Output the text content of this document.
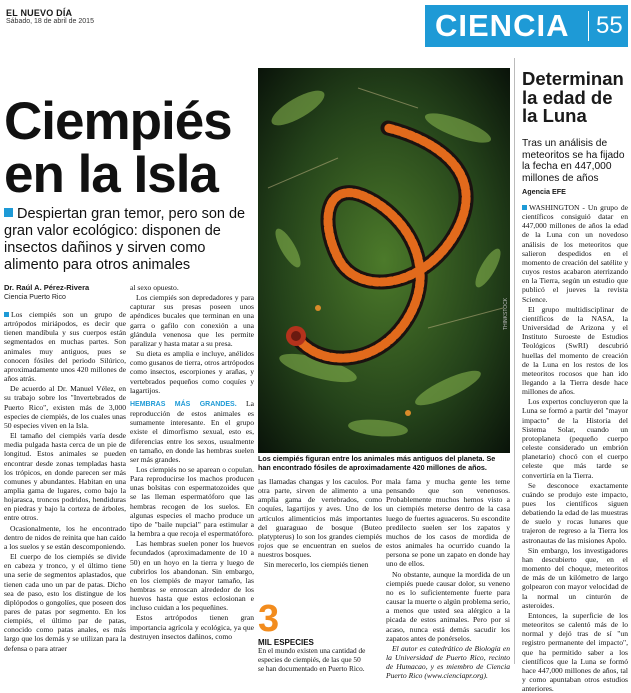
EL NUEVO DÍA
Sábado, 18 de abril de 2015	CIENCIA 55
Ciempiés
en la Isla
Despiertan gran temor, pero son de gran valor ecológico: disponen de insectos dañinos y sirven como alimento para otros animales
Dr. Raúl A. Pérez-Rivera
Ciencia Puerto Rico

Los ciempiés son un grupo de artrópodos miriápodos, es decir que tienen mandíbula y sus cuerpos están segmentados en muchas partes. Son animales muy antiguos, pues se conocen fósiles del periodo Silúrico, aproximadamente unos 420 millones de años atrás.

De acuerdo al Dr. Manuel Vélez, en su trabajo sobre los "Invertebrados de Puerto Rico", existen más de 3,000 especies de ciempiés, de los cuales unas 50 especies viven en la Isla.

El tamaño del ciempiés varía desde media pulgada hasta cerca de un pie de longitud. Estos animales se pueden encontrar desde zonas templadas hasta los trópicos, en donde parecen ser más comunes y abundantes. Habitan en una amplia gama de lugares, como bajo la hojarasca, troncos podridos, hendiduras en piedras y bajo la corteza de árboles, entre otros.

Ocasionalmente, los he encontrado dentro de nidos de reinita que han caído a los suelos y se están descomponiendo.

El cuerpo de los ciempiés se divide en cabeza y tronco, y el último tiene una serie de segmentos aplastados, que tienen cada uno un par de patas. Dicho sea de paso, esto los distingue de los diplópodos o gongolíes, que poseen dos pares de patas por segmento. En los ciempiés, el último par de patas, conocido como patas anales, es más largo que los demás y se utilizan para la defensa o para atraer

al sexo opuesto.

Los ciempiés son depredadores y para capturar sus presas poseen unos apéndices bucales que terminan en una garra o gafilo con conexión a una glándula venenosa que les permite paralizar y hasta matar a su presa.

Su dieta es amplia e incluye, anélidos como gusanos de tierra, otros artrópodos como insectos, escorpiones y arañas, y vertebrados pequeños como coquíes y lagartijos.

HEMBRAS MÁS GRANDES. La reproducción de estos animales es sumamente interesante. En el grupo existe el dimorfismo sexual, esto es, diferencias entre los sexos, usualmente en tamaño, en donde las hembras suelen ser más grandes.

Los ciempiés no se aparean o copulan. Para reproducirse los machos producen unas bolsitas con espermatozoides que se las lleman espermatóforo que las hembras recogen de los suelos. En algunas especies el macho produce un tipo de "baile nupcial" para estimular a la hembra a que recoja el espermatóforo.

Las hembras suelen poner los huevos fecundados (aproximadamente de 10 a 50) en un hoyo en la tierra y luego de cubrirlos los abandonan. Sin embargo, en los ciempiés de mayor tamaño, las hembras se enroscan alrededor de los huevos hasta que estos eclosionan e incluso cuidan a los pequeñines.

Estos artrópodos tienen gran importancia agrícola y ecológica, ya que destruyen insectos dañinos, como

THINKSTOCK
Los ciempiés figuran entre los animales más antiguos del planeta. Se han encontrado fósiles de aproximadamente 420 millones de años.

las llamadas changas y los caculos. Por otra parte, sirven de alimento a una amplia gama de vertebrados, como coquíes, lagartijos y aves. Uno de los artículos alimenticios más importantes del guaraguao de bosque (Buteo platypterus) lo son los grandes ciempiés rojos que se encuentran en suelos de nuestros bosques.

Sin merecerlo, los ciempiés tienen

3
MIL ESPECIES
En el mundo existen una cantidad de especies de ciempiés, de las que 50 se han documentado en Puerto Rico.

mala fama y mucha gente les teme pensando que son venenosos. Probablemente muchos hemos visto a un ciempiés meterse dentro de la casa luego de fuertes aguaceros. Su escondite predilecto suelen ser los zapatos y muchos de los casos de mordida de estos animales ha ocurrido cuando la persona se pone un zapato en donde hay uno de ellos.

No obstante, aunque la mordida de un ciempiés puede causar dolor, su veneno no es lo suficientemente fuerte para causar la muerte o algún problema serio, a menos que usted sea alérgico a la picada de estos animales. Pero por si acaso, nunca está demás sacudir los zapatos antes de ponérselos.

El autor es catedrático de Biología en la Universidad de Puerto Rico, recinto de Humacao, y es miembro de Ciencia Puerto Rico (www.cienciapr.org).

Determinan la edad de la Luna
Tras un análisis de meteoritos se ha fijado la fecha en 447,000 millones de años
Agencia EFE

WASHINGTON - Un grupo de científicos consiguió datar en 447,000 millones de años la edad de la Luna con un novedoso análisis de los meteoritos que salieron despedidos en el momento de creación del satélite y cuyos restos acabaron aterrizando en la Tierra, según un estudio que publicó el jueves la revista Science.

El grupo multidisciplinar de científicos de la NASA, la Universidad de Arizona y el Instituto Suroeste de Estudios Teológicos (SwRI) descubrió huellas del momento de creación de la Luna en los restos de los meteoritos rocosos que han ido llegando a la Tierra desde hace millones de años.

Los expertos concluyeron que la Luna se formó a partir del "mayor impacto" de la Historia del Sistema Solar, cuando un protoplaneta (pequeño cuerpo celeste considerado un embrión planetario) chocó con el cuerpo celeste que más tarde se convertiría en la Tierra.

Se desconoce exactamente cuándo se produjo este impacto, pues los científicos siguen debatiendo la edad de las muestras de suelo y rocas lunares que trajeron de regreso a la Tierra los astronautas de las misiones Apolo.

Sin embargo, los investigadores han descubierto que, en el momento del choque, meteoritos de más de un kilómetro de largo golpearon con mayor velocidad de la normal un cinturón de asteroides.

Entonces, la superficie de los meteoritos se calentó más de lo normal y dejó tras de sí "un registro permanente del impacto", que ha permitido saber a los científicos que la Luna se formó hace 447,000 millones de años, tal y como apuntaban otros estudios anteriores.
